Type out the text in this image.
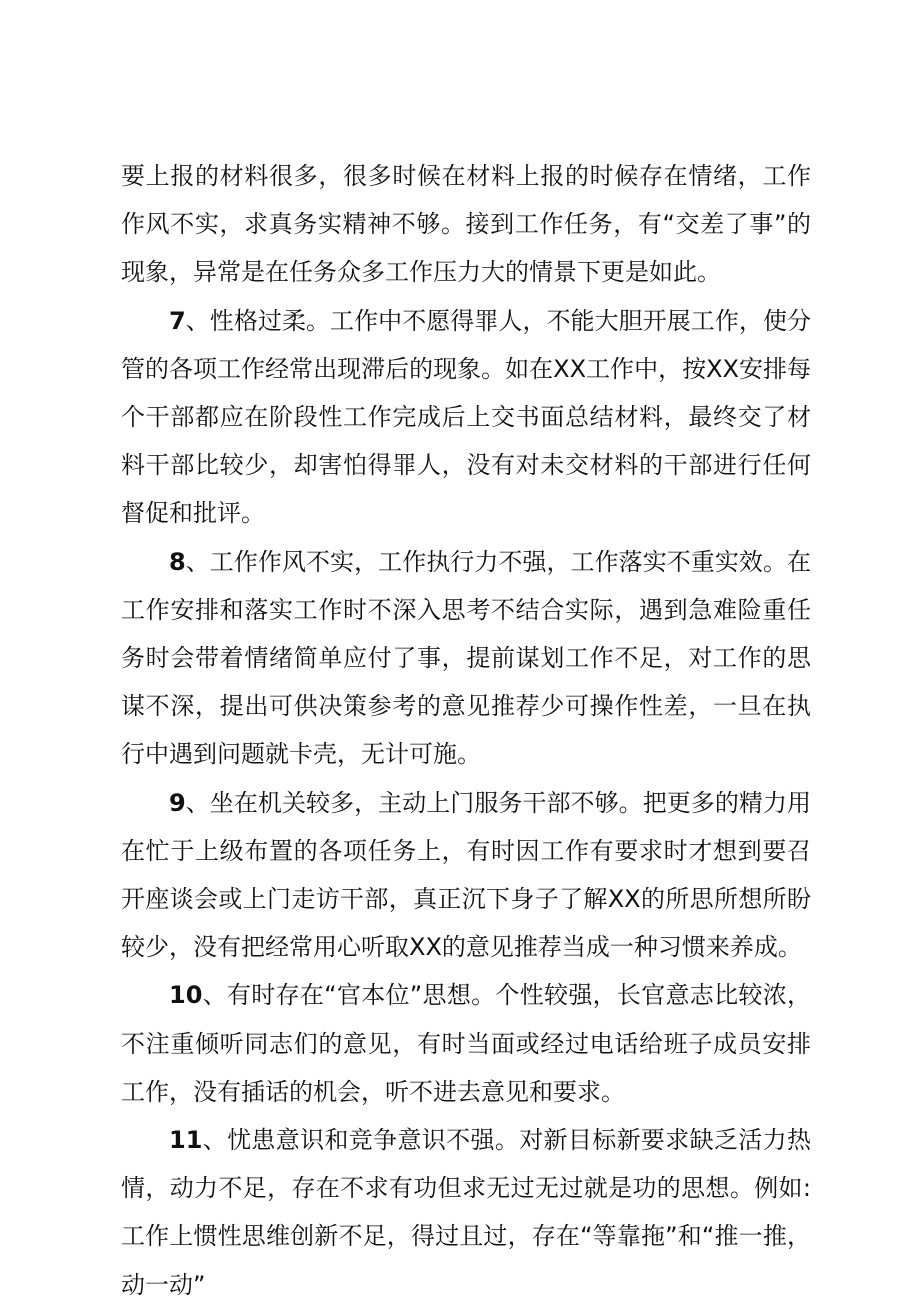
要上报的材料很多，很多时候在材料上报的时候存在情绪，工作作风不实，求真务实精神不够。接到工作任务，有“交差了事”的现象，异常是在任务众多工作压力大的情景下更是如此。

7、性格过柔。工作中不愿得罪人，不能大胆开展工作，使分管的各项工作经常出现滞后的现象。如在XX工作中，按XX安排每个干部都应在阶段性工作完成后上交书面总结材料，最终交了材料干部比较少，却害怕得罪人，没有对未交材料的干部进行任何督促和批评。

8、工作作风不实，工作执行力不强，工作落实不重实效。在工作安排和落实工作时不深入思考不结合实际，遇到急难险重任务时会带着情绪简单应付了事，提前谋划工作不足，对工作的思谋不深，提出可供决策参考的意见推荐少可操作性差，一旦在执行中遇到问题就卡壳，无计可施。

9、坐在机关较多，主动上门服务干部不够。把更多的精力用在忙于上级布置的各项任务上，有时因工作有要求时才想到要召开座谈会或上门走访干部，真正沉下身子了解XX的所思所想所盼较少，没有把经常用心听取XX的意见推荐当成一种习惯来养成。

10、有时存在“官本位”思想。个性较强，长官意志比较浓，不注重倾听同志们的意见，有时当面或经过电话给班子成员安排工作，没有插话的机会，听不进去意见和要求。

11、忧患意识和竞争意识不强。对新目标新要求缺乏活力热情，动力不足，存在不求有功但求无过无过就是功的思想。例如:工作上惯性思维创新不足，得过且过，存在“等靠拖”和“推一推，动一动”
